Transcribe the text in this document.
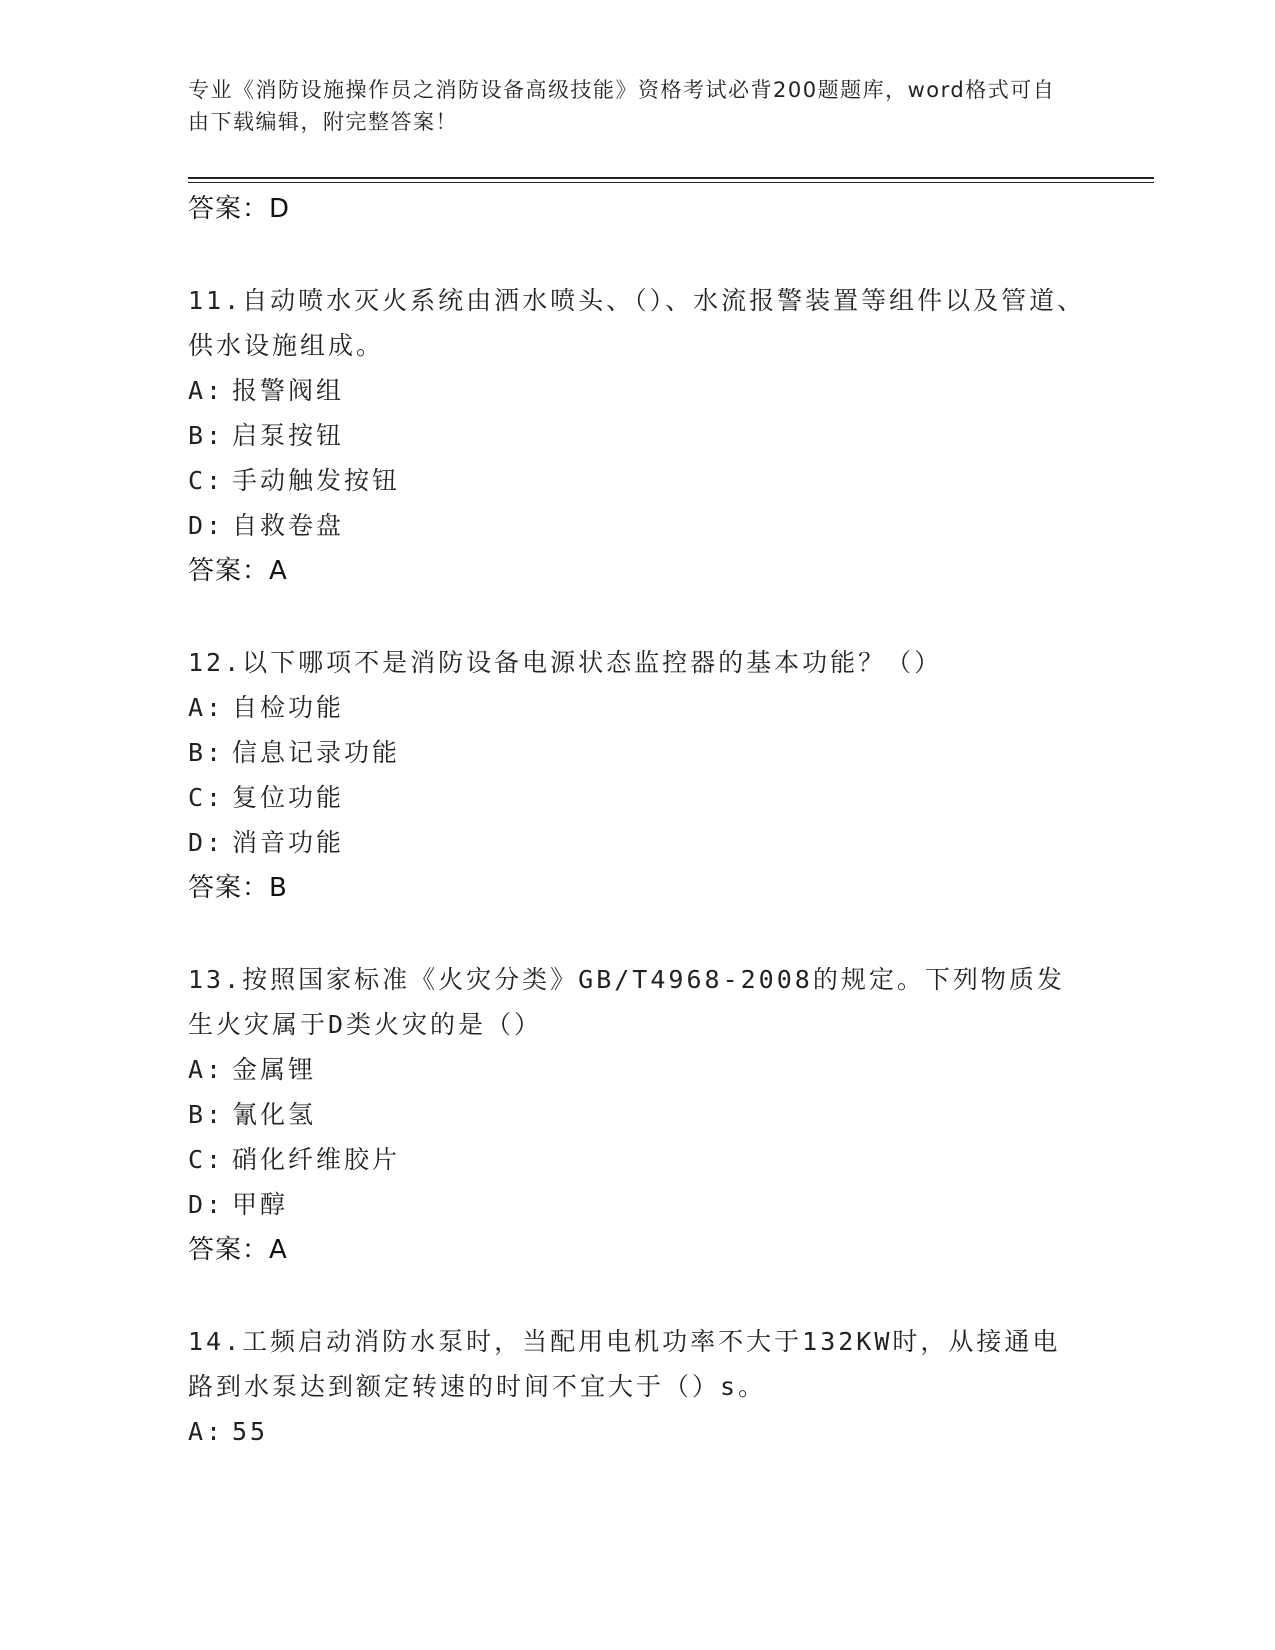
专业《消防设施操作员之消防设备高级技能》资格考试必背200题题库，word格式可自由下载编辑，附完整答案！

答案：D

11.自动喷水灭火系统由洒水喷头、（）、水流报警装置等组件以及管道、供水设施组成。

A: 报警阀组

B: 启泵按钮

C: 手动触发按钮

D: 自救卷盘

答案：A

12.以下哪项不是消防设备电源状态监控器的基本功能？（）

A: 自检功能

B: 信息记录功能

C: 复位功能

D: 消音功能

答案：B

13.按照国家标准《火灾分类》GB/T4968-2008的规定。下列物质发生火灾属于D类火灾的是（）

A: 金属锂

B: 氰化氢

C: 硝化纤维胶片

D: 甲醇

答案：A

14.工频启动消防水泵时，当配用电机功率不大于132KW时，从接通电路到水泵达到额定转速的时间不宜大于（）s。

A: 55
